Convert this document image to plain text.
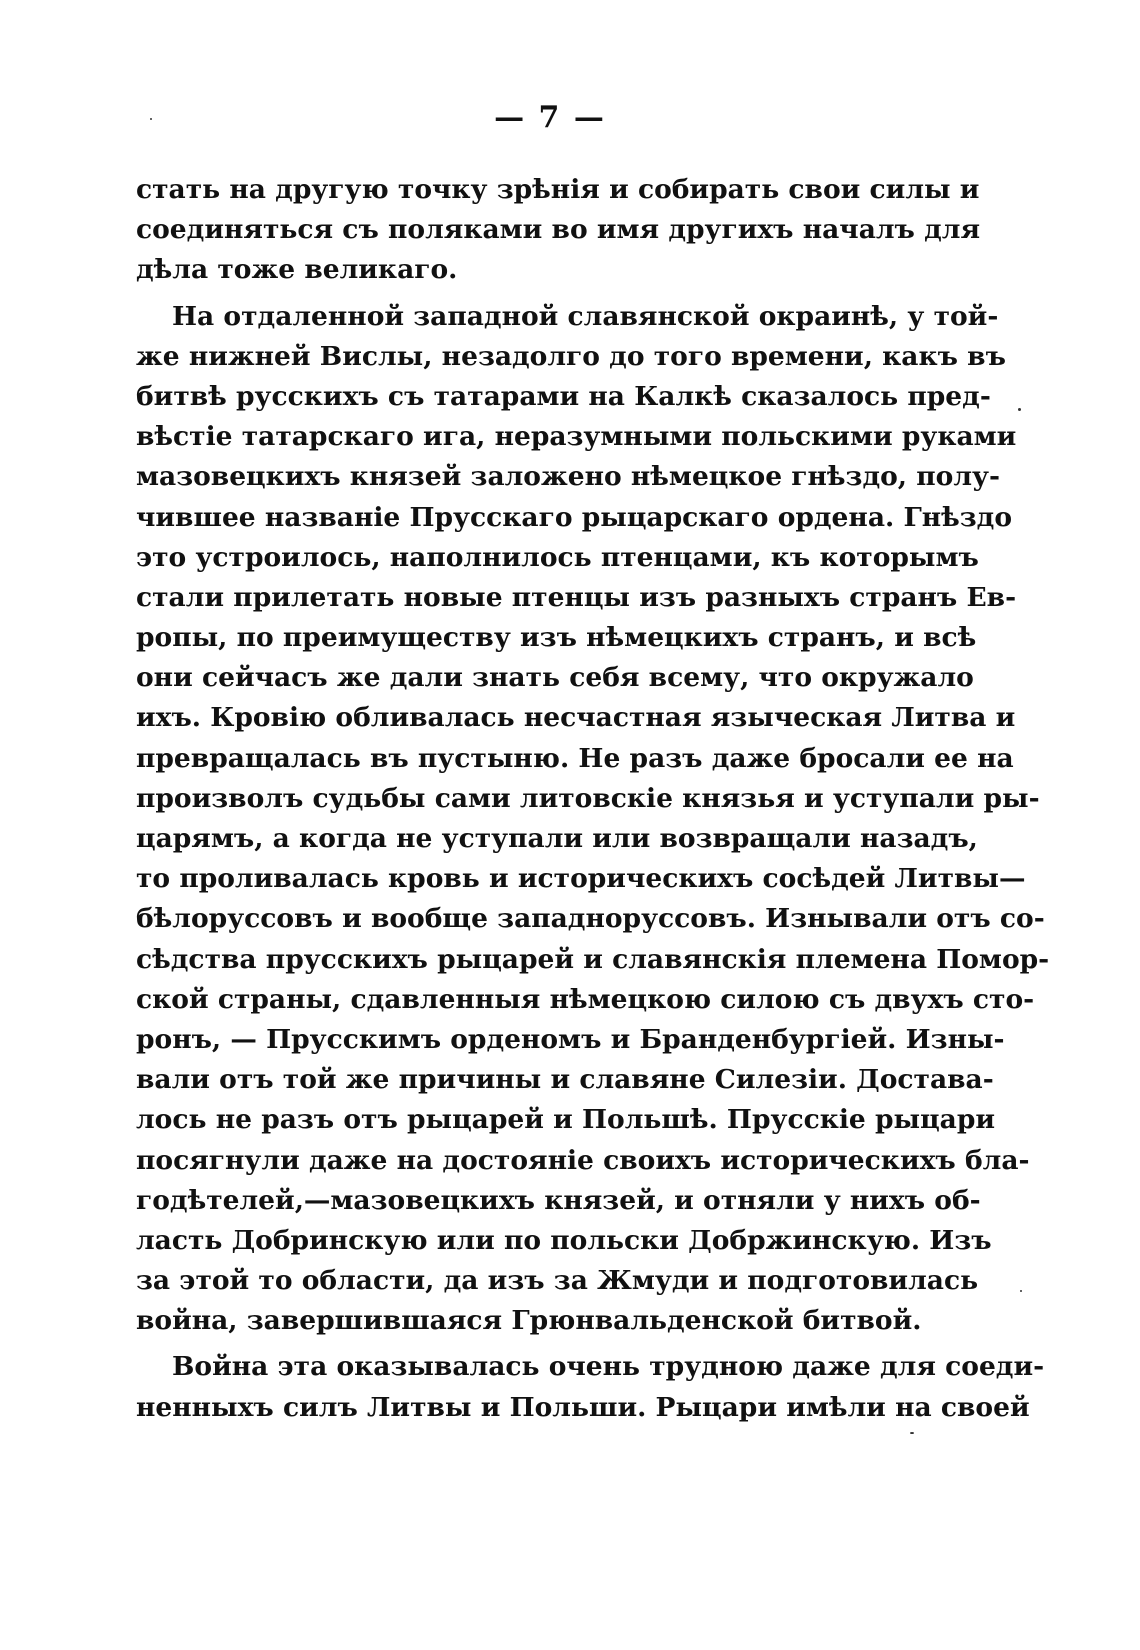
— 7 —

стать на другую точку зрѣнія и собирать свои силы и
соединяться съ поляками во имя другихъ началъ для
дѣла тоже великаго.

На отдаленной западной славянской окраинѣ, у той-
же нижней Вислы, незадолго до того времени, какъ въ
битвѣ русскихъ съ татарами на Калкѣ сказалось пред-
вѣстіе татарскаго ига, неразумными польскими руками
мазовецкихъ князей заложено нѣмецкое гнѣздо, полу-
чившее названіе Прусскаго рыцарскаго ордена. Гнѣздо
это устроилось, наполнилось птенцами, къ которымъ
стали прилетать новые птенцы изъ разныхъ странъ Ев-
ропы, по преимуществу изъ нѣмецкихъ странъ, и всѣ
они сейчасъ же дали знать себя всему, что окружало
ихъ. Кровію обливалась несчастная языческая Литва и
превращалась въ пустыню. Не разъ даже бросали ее на
произволъ судьбы сами литовскіе князья и уступали ры-
царямъ, а когда не уступали или возвращали назадъ,
то проливалась кровь и историческихъ сосѣдей Литвы—
бѣлоруссовъ и вообще западноруссовъ. Изнывали отъ со-
сѣдства прусскихъ рыцарей и славянскія племена Помор-
ской страны, сдавленныя нѣмецкою силою съ двухъ сто-
ронъ, — Прусскимъ орденомъ и Бранденбургіей. Изны-
вали отъ той же причины и славяне Силезіи. Достава-
лось не разъ отъ рыцарей и Польшѣ. Прусскіе рыцари
посягнули даже на достояніе своихъ историческихъ бла-
годѣтелей,—мазовецкихъ князей, и отняли у нихъ об-
ласть Добринскую или по польски Добржинскую. Изъ
за этой то области, да изъ за Жмуди и подготовилась
война, завершившаяся Грюнвальденской битвой.

Война эта оказывалась очень трудною даже для соеди-
ненныхъ силъ Литвы и Польши. Рыцари имѣли на своей
